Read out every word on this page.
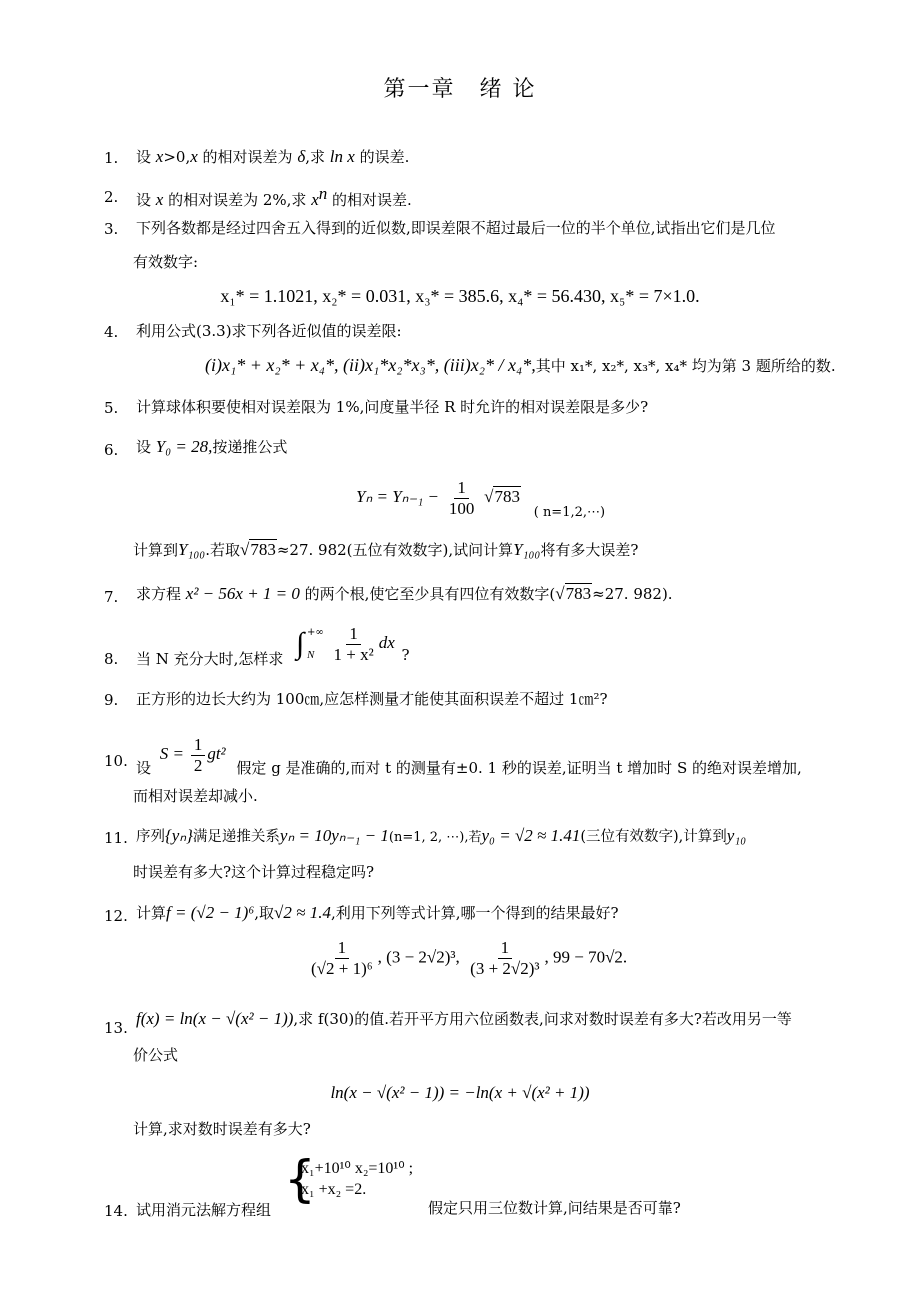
第一章　绪 论
1.	设 x>0,x 的相对误差为 δ,求 ln x 的误差.
2.	设 x 的相对误差为 2%,求 $x^n$ 的相对误差.
3.	下列各数都是经过四舍五入得到的近似数,即误差限不超过最后一位的半个单位,试指出它们是几位
有效数字:
x₁* = 1.1021, x₂* = 0.031, x₃* = 385.6, x₄* = 56.430, x₅* = 7×1.0.
4.	利用公式(3.3)求下列各近似值的误差限:
(i)x₁* + x₂* + x₄*, (ii)x₁*x₂*x₃*, (iii)x₂* / x₄*,其中 x₁*, x₂*, x₃*, x₄* 均为第 3 题所给的数.
5.	计算球体积要使相对误差限为 1%,问度量半径 R 时允许的相对误差限是多少?
6.	设 Y₀ = 28,按递推公式
$Y_n = Y_{n-1} - \frac{1}{100} √783$ ( n=1,2,⋯)
计算到Y₁₀₀.若取√783≈27. 982(五位有效数字),试问计算Y₁₀₀将有多大误差?
7.	求方程 x² − 56x + 1 = 0 的两个根,使它至少具有四位有效数字(√783≈27. 982).
8.	当 N 充分大时,怎样求 ∫ +∞
N
$\frac{1}{\text{1 + x²}}$ dx ?
9.	正方形的边长大约为 100㎝,应怎样测量才能使其面积误差不超过 1㎝²?
10. 设 $S = \frac{1}{2} gt^2$ 假定 g 是准确的,而对 t 的测量有±0. 1 秒的误差,证明当 t 增加时 S 的绝对误差增加,
而相对误差却减小.
11. 序列{yₙ}满足递推关系yₙ = 10yₙ₋₁ − 1(n=1, 2, ⋯),若y₀ = √2 ≈ 1.41(三位有效数字),计算到y₁₀
时误差有多大?这个计算过程稳定吗?
12. 计算f = (√2 − 1)⁶,取√2 ≈ 1.4,利用下列等式计算,哪一个得到的结果最好?
$\frac{1}{\text{(√2 + 1)⁶}}$ , (3 − 2√2)³, $\frac{1}{\text{(3 + 2√2)³}}$ , 99 − 70√2.
13. f(x) = ln(x − √(x² − 1)),求 f(30)的值.若开平方用六位函数表,问求对数时误差有多大?若改用另一等
价公式
ln(x − √(x² − 1)) = −ln(x + √(x² + 1))
计算,求对数时误差有多大?
14. 试用消元法解方程组
{
x₁+10¹⁰ x₂=10¹⁰ ;
x₁ +x₂ =2.
假定只用三位数计算,问结果是否可靠?
